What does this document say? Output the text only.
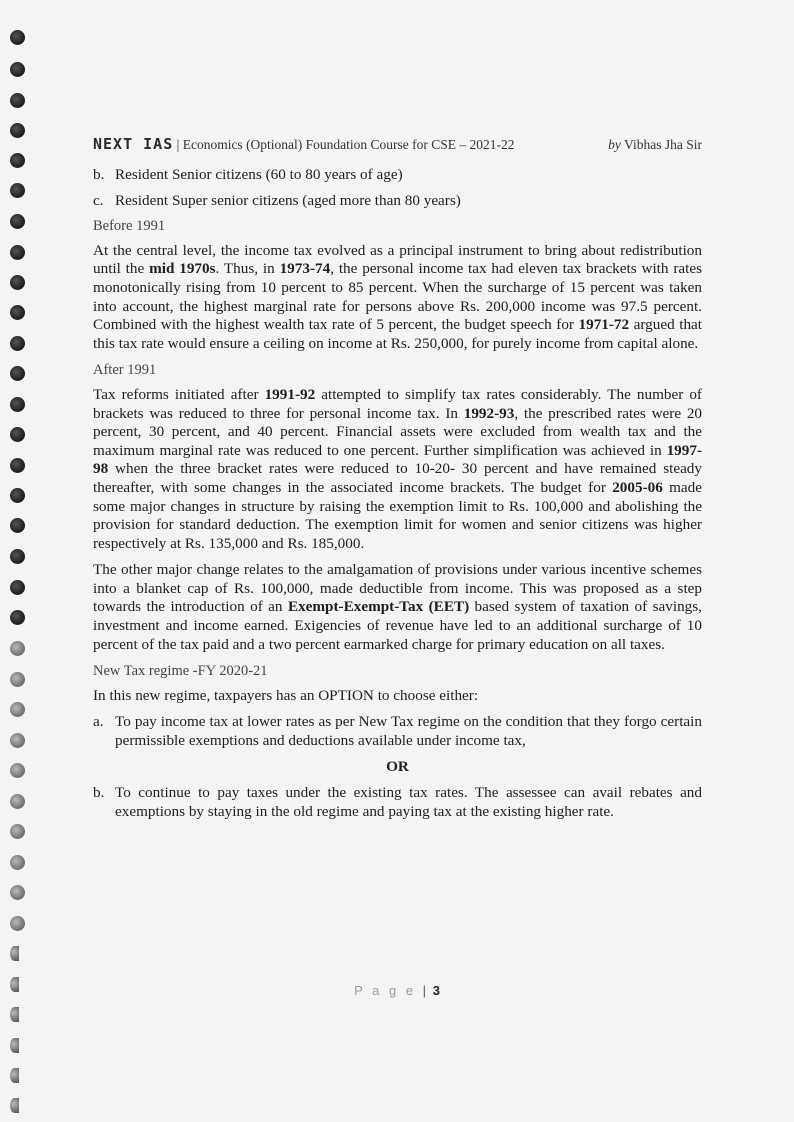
NEXT IAS | Economics (Optional) Foundation Course for CSE – 2021-22	by Vibhas Jha Sir
b. Resident Senior citizens (60 to 80 years of age)
c. Resident Super senior citizens (aged more than 80 years)
Before 1991

At the central level, the income tax evolved as a principal instrument to bring about redistribution until the mid 1970s. Thus, in 1973-74, the personal income tax had eleven tax brackets with rates monotonically rising from 10 percent to 85 percent. When the surcharge of 15 percent was taken into account, the highest marginal rate for persons above Rs. 200,000 income was 97.5 percent. Combined with the highest wealth tax rate of 5 percent, the budget speech for 1971-72 argued that this tax rate would ensure a ceiling on income at Rs. 250,000, for purely income from capital alone.

After 1991

Tax reforms initiated after 1991-92 attempted to simplify tax rates considerably. The number of brackets was reduced to three for personal income tax. In 1992-93, the prescribed rates were 20 percent, 30 percent, and 40 percent. Financial assets were excluded from wealth tax and the maximum marginal rate was reduced to one percent. Further simplification was achieved in 1997-98 when the three bracket rates were reduced to 10-20- 30 percent and have remained steady thereafter, with some changes in the associated income brackets. The budget for 2005-06 made some major changes in structure by raising the exemption limit to Rs. 100,000 and abolishing the provision for standard deduction. The exemption limit for women and senior citizens was higher respectively at Rs. 135,000 and Rs. 185,000.

The other major change relates to the amalgamation of provisions under various incentive schemes into a blanket cap of Rs. 100,000, made deductible from income. This was proposed as a step towards the introduction of an Exempt-Exempt-Tax (EET) based system of taxation of savings, investment and income earned. Exigencies of revenue have led to an additional surcharge of 10 percent of the tax paid and a two percent earmarked charge for primary education on all taxes.

New Tax regime -FY 2020-21

In this new regime, taxpayers has an OPTION to choose either:

a. To pay income tax at lower rates as per New Tax regime on the condition that they forgo certain permissible exemptions and deductions available under income tax,
OR
b. To continue to pay taxes under the existing tax rates. The assessee can avail rebates and exemptions by staying in the old regime and paying tax at the existing higher rate.
P a g e | 3
